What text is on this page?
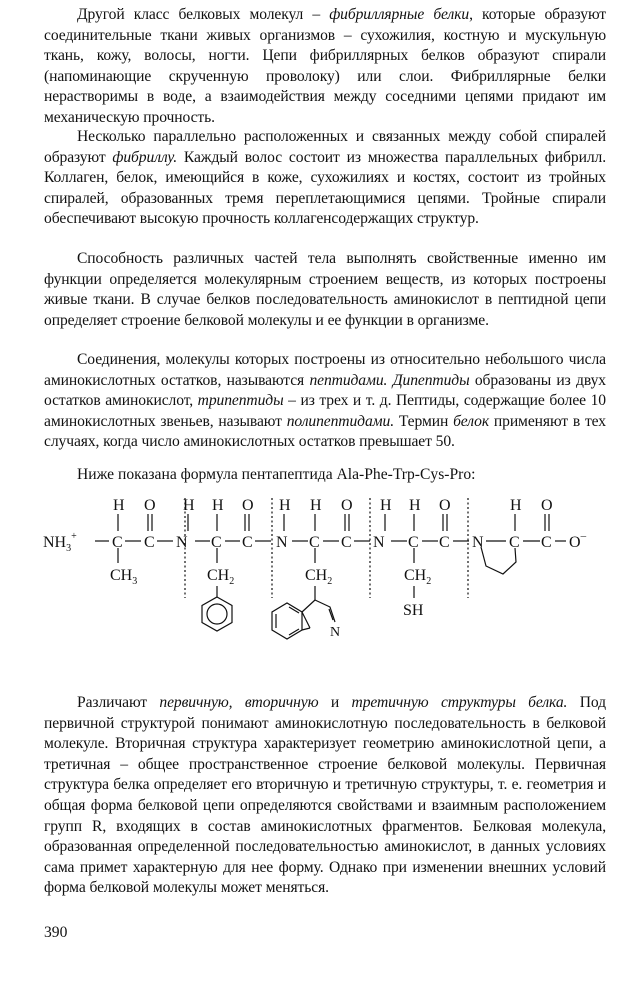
Другой класс белковых молекул – фибриллярные белки, которые образуют соединительные ткани живых организмов – сухожилия, костную и мускульную ткань, кожу, волосы, ногти. Цепи фибриллярных белков образуют спирали (напоминающие скрученную проволоку) или слои. Фибриллярные белки нерастворимы в воде, а взаимодействия между соседними цепями придают им механическую прочность.

Несколько параллельно расположенных и связанных между собой спиралей образуют фибриллу. Каждый волос состоит из множества параллельных фибрилл. Коллаген, белок, имеющийся в коже, сухожилиях и костях, состоит из тройных спиралей, образованных тремя переплетающимися цепями. Тройные спирали обеспечивают высокую прочность коллагенсодержащих структур.

Способность различных частей тела выполнять свойственные именно им функции определяется молекулярным строением веществ, из которых построены живые ткани. В случае белков последовательность аминокислот в пептидной цепи определяет строение белковой молекулы и ее функции в организме.

Соединения, молекулы которых построены из относительно небольшого числа аминокислотных остатков, называются пептидами. Дипептиды образованы из двух остатков аминокислот, трипептиды – из трех и т. д. Пептиды, содержащие более 10 аминокислотных звеньев, называют полипептидами. Термин белок применяют в тех случаях, когда число аминокислотных остатков превышает 50.

Ниже показана формула пентапептида Ala-Phe-Trp-Cys-Pro:

$NH_3^+$
H
C
O
C
$CH_3$
H
N
H
C
O
C
$CH_2$
H
N
H
C
O
C
$CH_2$
N
H
N
H
C
O
C
$CH_2$
SH
N
H
C
O
C O–

Различают первичную, вторичную и третичную структуры белка. Под первичной структурой понимают аминокислотную последовательность в белковой молекуле. Вторичная структура характеризует геометрию аминокислотной цепи, а третичная – общее пространственное строение белковой молекулы. Первичная структура белка определяет его вторичную и третичную структуры, т. е. геометрия и общая форма белковой цепи определяются свойствами и взаимным расположением групп R, входящих в состав аминокислотных фрагментов. Белковая молекула, образованная определенной последовательностью аминокислот, в данных условиях сама примет характерную для нее форму. Однако при изменении внешних условий форма белковой молекулы может меняться.

390
